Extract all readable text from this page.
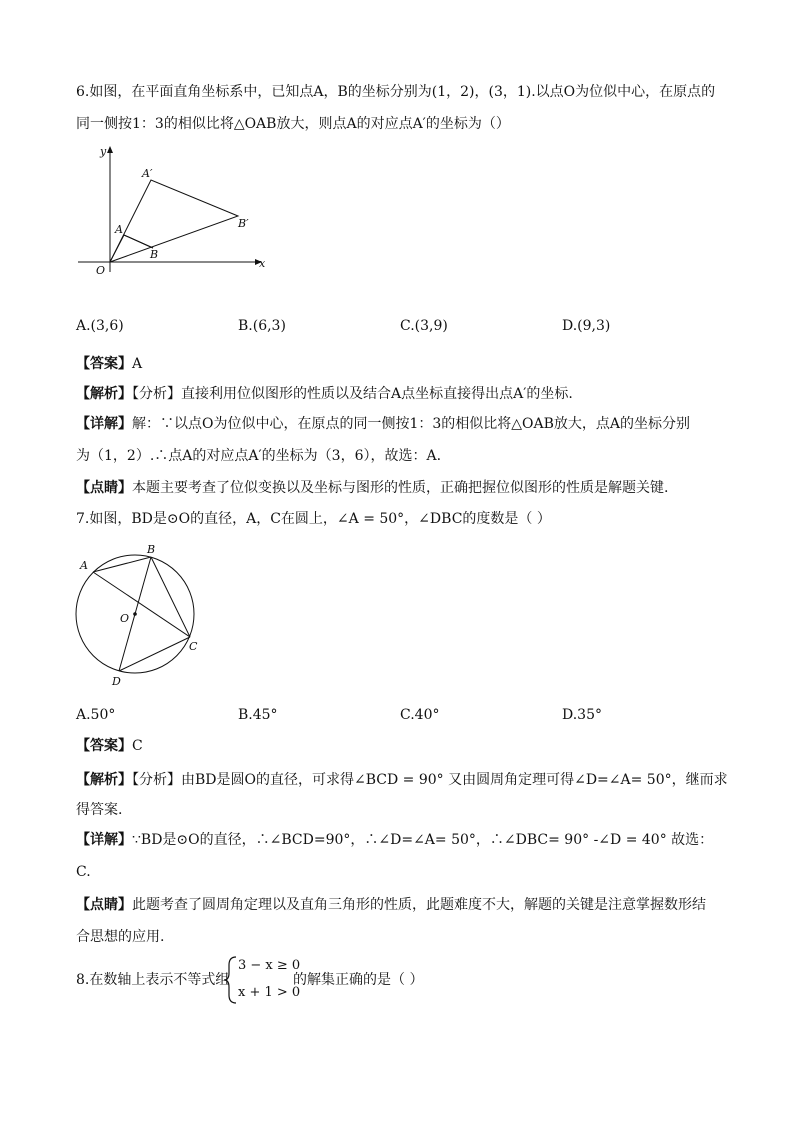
6.如图，在平面直角坐标系中，已知点A，B的坐标分别为(1，2)，(3，1).以点O为位似中心，在原点的
同一侧按1：3的相似比将△OAB放大，则点A的对应点A′的坐标为（）
y
x
O
A
B
A′
B′
A.(3,6)	B.(6,3)	C.(3,9)	D.(9,3)
【答案】A
【解析】【分析】直接利用位似图形的性质以及结合A点坐标直接得出点A′的坐标.
【详解】解：∵以点O为位似中心，在原点的同一侧按1：3的相似比将△OAB放大，点A的坐标分别
为（1，2）.∴点A的对应点A′的坐标为（3，6），故选：A.
【点睛】本题主要考查了位似变换以及坐标与图形的性质，正确把握位似图形的性质是解题关键.
7.如图，BD是⊙O的直径，A，C在圆上，∠A = 50°，∠DBC的度数是（ ）
A
B
C
D
O
A.50°	B.45°	C.40°	D.35°
【答案】C
【解析】【分析】由BD是圆O的直径，可求得∠BCD = 90° 又由圆周角定理可得∠D=∠A= 50°，继而求
得答案.
【详解】∵BD是⊙O的直径，∴∠BCD=90°，∴∠D=∠A= 50°，∴∠DBC= 90° -∠D = 40° 故选：
C.
【点睛】此题考查了圆周角定理以及直角三角形的性质，此题难度不大，解题的关键是注意掌握数形结
合思想的应用.
8.在数轴上表示不等式组
3 − x ≥ 0
x + 1 > 0
的解集正确的是（ ）
